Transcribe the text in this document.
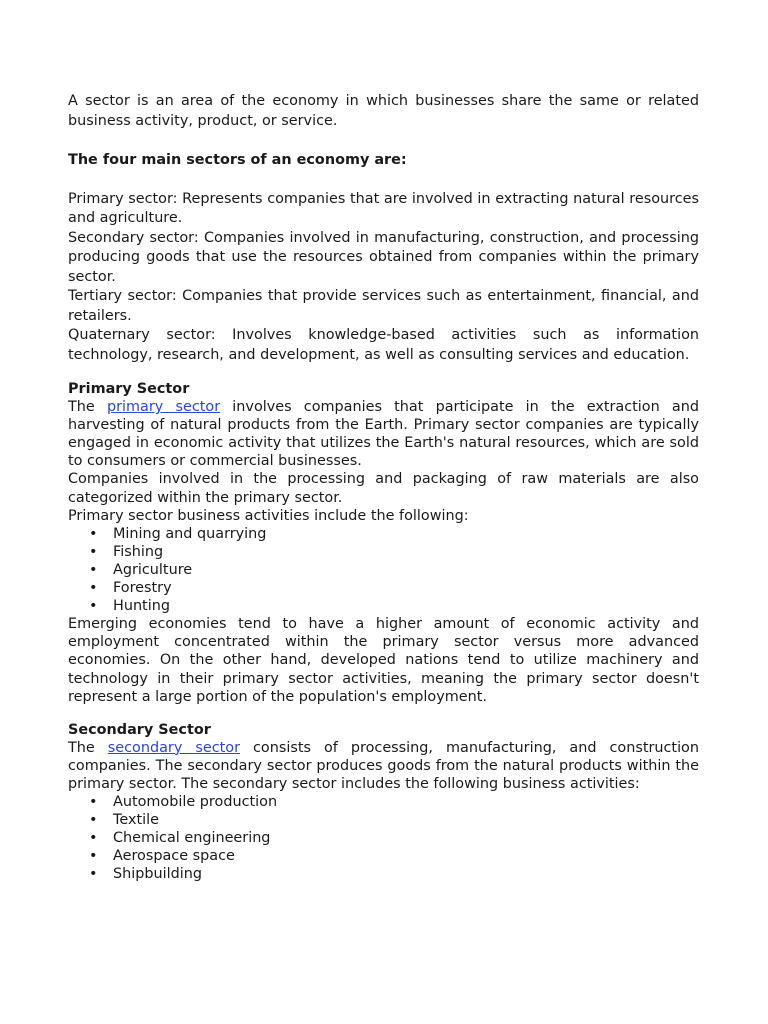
A sector is an area of the economy in which businesses share the same or related business activity, product, or service.

The four main sectors of an economy are:

Primary sector: Represents companies that are involved in extracting natural resources and agriculture.

Secondary sector: Companies involved in manufacturing, construction, and processing producing goods that use the resources obtained from companies within the primary sector.

Tertiary sector: Companies that provide services such as entertainment, financial, and retailers.

Quaternary sector: Involves knowledge-based activities such as information technology, research, and development, as well as consulting services and education.

Primary Sector

The primary sector involves companies that participate in the extraction and harvesting of natural products from the Earth. Primary sector companies are typically engaged in economic activity that utilizes the Earth's natural resources, which are sold to consumers or commercial businesses.

Companies involved in the processing and packaging of raw materials are also categorized within the primary sector.

Primary sector business activities include the following:

• Mining and quarrying
• Fishing
• Agriculture
• Forestry
• Hunting

Emerging economies tend to have a higher amount of economic activity and employment concentrated within the primary sector versus more advanced economies. On the other hand, developed nations tend to utilize machinery and technology in their primary sector activities, meaning the primary sector doesn't represent a large portion of the population's employment.

Secondary Sector

The secondary sector consists of processing, manufacturing, and construction companies. The secondary sector produces goods from the natural products within the primary sector. The secondary sector includes the following business activities:

• Automobile production
• Textile
• Chemical engineering
• Aerospace space
• Shipbuilding
